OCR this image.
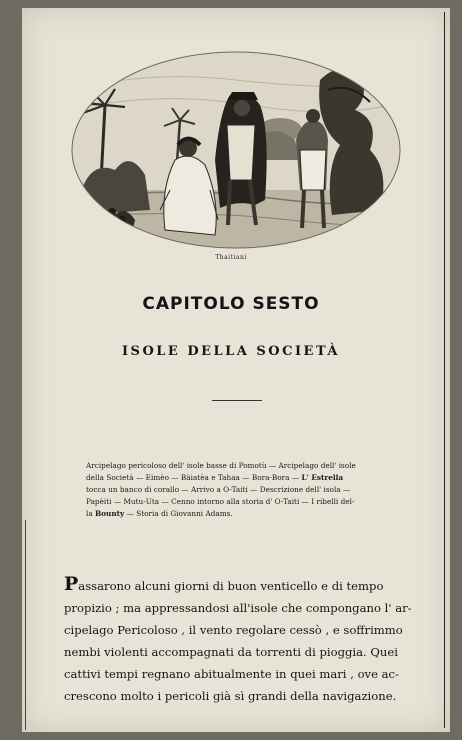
Thaitiani
CAPITOLO SESTO
ISOLE DELLA SOCIETÀ
Arcipelago pericoloso dell' isole basse di Pomotù — Arcipelago dell' isole
della Società — Eimèo — Bàiatèa e Tahaa — Bora-Bora — L' Estrella
tocca un banco di corallo — Arrivo a O-Taiti — Descrizione dell' isola —
Papèiti — Mutu-Uta — Cenno intorno alla storia d' O-Taiti — I ribelli del-
la Bounty — Storia di Giovanni Adams.
Passarono alcuni giorni di buon venticello e di tempo
propizio ; ma appressandosi all'isole che compongano l' ar-
cipelago Pericoloso , il vento regolare cessò , e soffrimmo
nembi violenti accompagnati da torrenti di pioggia. Quei
cattivi tempi regnano abitualmente in quei mari , ove ac-
crescono molto i pericoli già sì grandi della navigazione.
